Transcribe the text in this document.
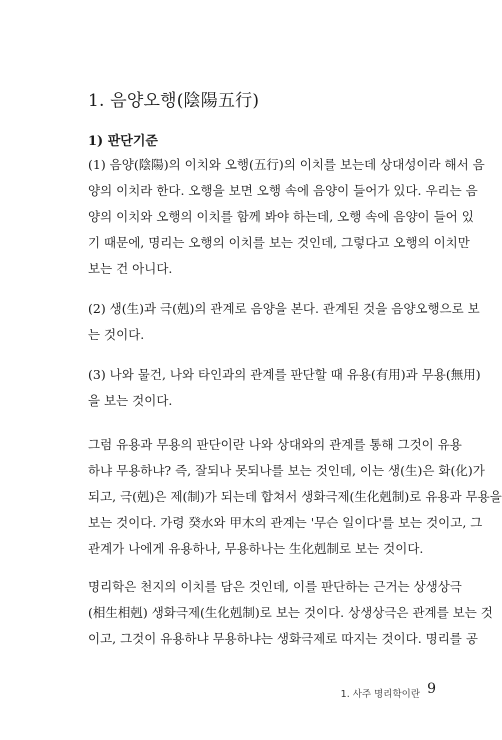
1. 음양오행(陰陽五行)
1) 판단기준
(1) 음양(陰陽)의 이치와 오행(五行)의 이치를 보는데 상대성이라 해서 음
양의 이치라 한다. 오행을 보면 오행 속에 음양이 들어가 있다. 우리는 음
양의 이치와 오행의 이치를 함께 봐야 하는데, 오행 속에 음양이 들어 있
기 때문에, 명리는 오행의 이치를 보는 것인데, 그렇다고 오행의 이치만
보는 건 아니다.
(2) 생(生)과 극(剋)의 관계로 음양을 본다. 관계된 것을 음양오행으로 보
는 것이다.
(3) 나와 물건, 나와 타인과의 관계를 판단할 때 유용(有用)과 무용(無用)
을 보는 것이다.
그럼 유용과 무용의 판단이란 나와 상대와의 관계를 통해 그것이 유용
하냐 무용하냐? 즉, 잘되나 못되나를 보는 것인데, 이는 생(生)은 화(化)가
되고, 극(剋)은 제(制)가 되는데 합쳐서 생화극제(生化剋制)로 유용과 무용을
보는 것이다. 가령 癸水와 甲木의 관계는 '무슨 일이다'를 보는 것이고, 그
관계가 나에게 유용하나, 무용하나는 生化剋制로 보는 것이다.
명리학은 천지의 이치를 담은 것인데, 이를 판단하는 근거는 상생상극
(相生相剋) 생화극제(生化剋制)로 보는 것이다. 상생상극은 관계를 보는 것
이고, 그것이 유용하냐 무용하냐는 생화극제로 따지는 것이다. 명리를 공
1. 사주 명리학이란 9
